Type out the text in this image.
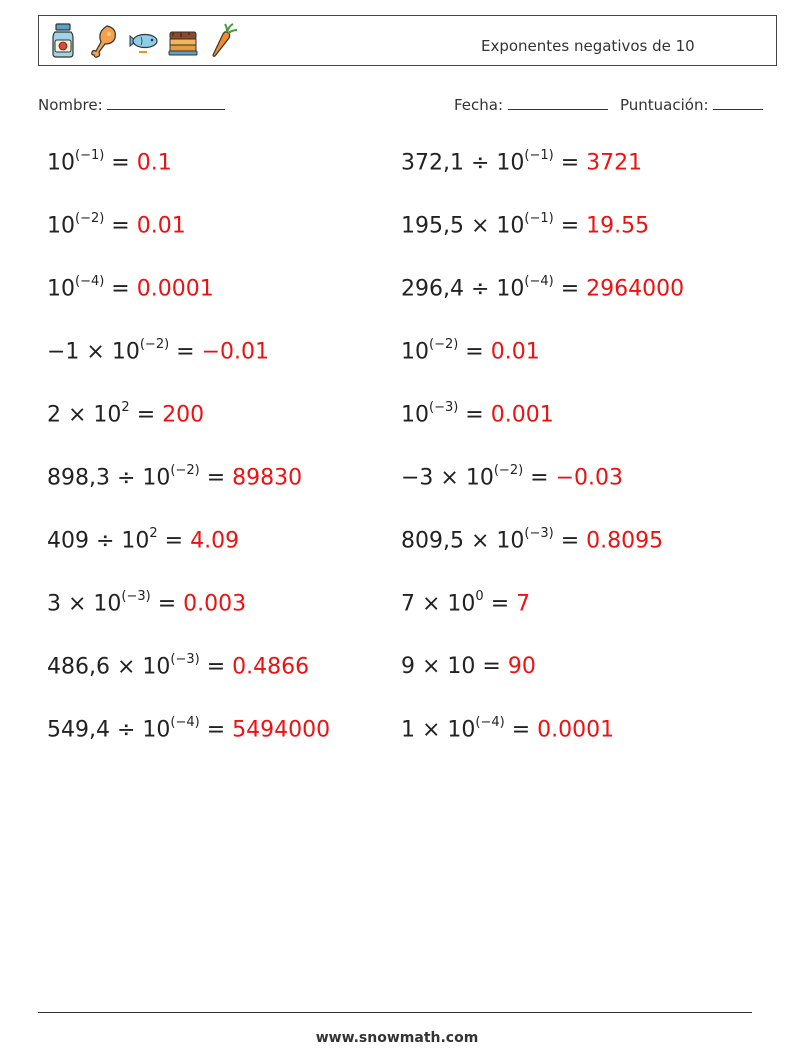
Exponentes negativos de 10
Nombre:	Fecha:	Puntuación:
$10^{(-1)} = 0.1$	$372,1 \div 10^{(-1)} = 3721$
$10^{(-2)} = 0.01$	$195,5 \times 10^{(-1)} = 19.55$
$10^{(-4)} = 0.0001$	$296,4 \div 10^{(-4)} = 2964000$
$-1 \times 10^{(-2)} = -0.01$	$10^{(-2)} = 0.01$
$2 \times 10^2 = 200$	$10^{(-3)} = 0.001$
$898,3 \div 10^{(-2)} = 89830$	$-3 \times 10^{(-2)} = -0.03$
$409 \div 10^2 = 4.09$	$809,5 \times 10^{(-3)} = 0.8095$
$3 \times 10^{(-3)} = 0.003$	$7 \times 10^0 = 7$
$486,6 \times 10^{(-3)} = 0.4866$	9 × 10 = 90
$549,4 \div 10^{(-4)} = 5494000$	$1 \times 10^{(-4)} = 0.0001$
www.snowmath.com
